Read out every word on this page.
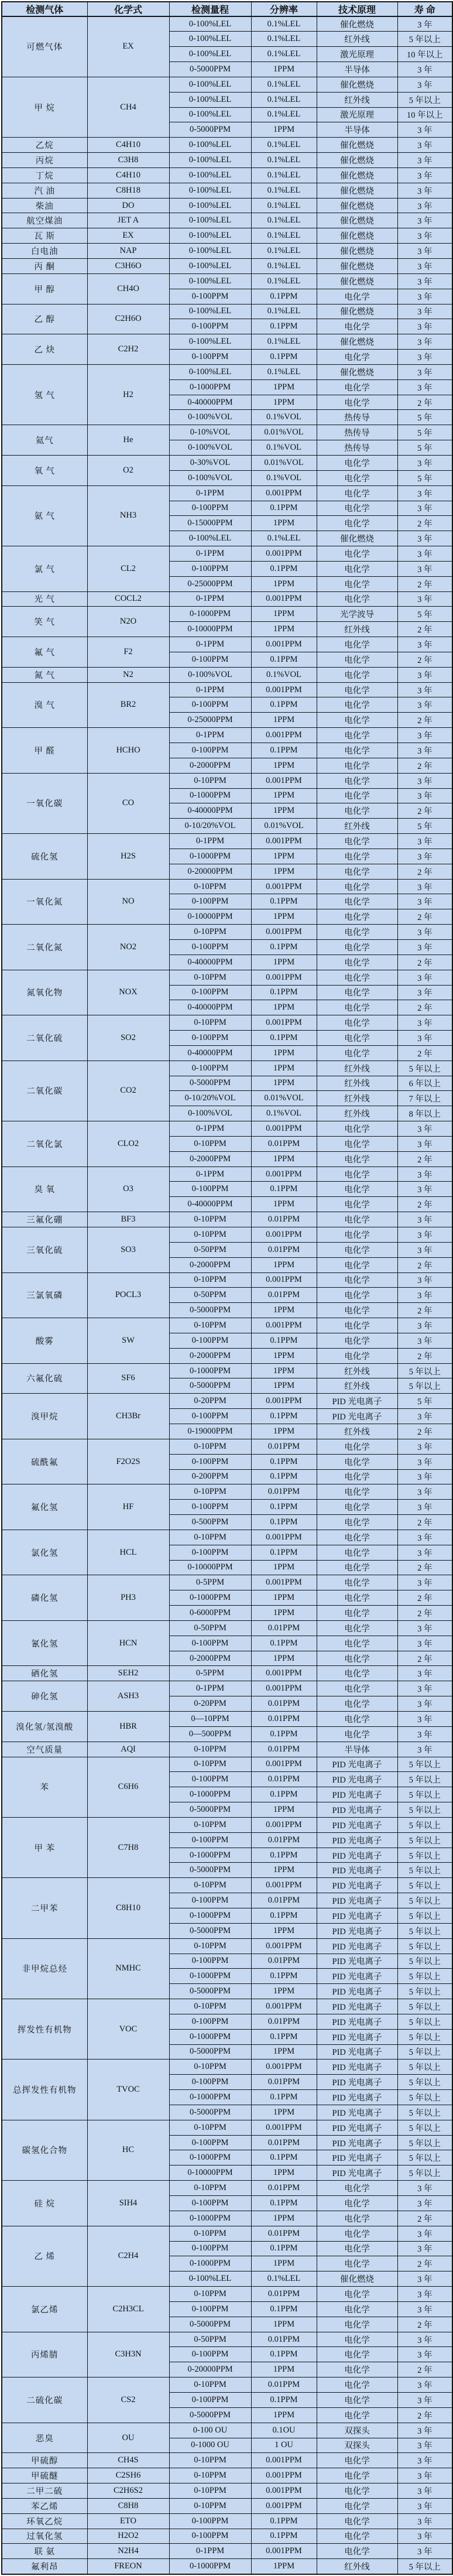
检测气体	化学式	检测量程	分辨率	技术原理	寿 命
可燃气体	EX	0-100%LEL	0.1%LEL	催化燃烧	3 年
		0-100%LEL	0.1%LEL	红外线	5 年以上
		0-100%LEL	0.1%LEL	激光原理	10 年以上
		0-5000PPM	1PPM	半导体	3 年
甲 烷	CH4	0-100%LEL	0.1%LEL	催化燃烧	3 年
		0-100%LEL	0.1%LEL	红外线	5 年以上
		0-100%LEL	0.1%LEL	激光原理	10 年以上
		0-5000PPM	1PPM	半导体	3 年
乙烷	C4H10	0-100%LEL	0.1%LEL	催化燃烧	3 年
丙烷	C3H8	0-100%LEL	0.1%LEL	催化燃烧	3 年
丁烷	C4H10	0-100%LEL	0.1%LEL	催化燃烧	3 年
汽 油	C8H18	0-100%LEL	0.1%LEL	催化燃烧	3 年
柴油	DO	0-100%LEL	0.1%LEL	催化燃烧	3 年
航空煤油	JET A	0-100%LEL	0.1%LEL	催化燃烧	3 年
瓦 斯	EX	0-100%LEL	0.1%LEL	催化燃烧	3 年
白电油	NAP	0-100%LEL	0.1%LEL	催化燃烧	3 年
丙 酮	C3H6O	0-100%LEL	0.1%LEL	催化燃烧	3 年
甲 醇	CH4O	0-100%LEL	0.1%LEL	催化燃烧	3 年
		0-100PPM	0.1PPM	电化学	3 年
乙 醇	C2H6O	0-100%LEL	0.1%LEL	催化燃烧	3 年
		0-100PPM	0.1PPM	电化学	3 年
乙 炔	C2H2	0-100%LEL	0.1%LEL	催化燃烧	3 年
		0-100PPM	0.1PPM	电化学	3 年
氢 气	H2	0-100%LEL	0.1%LEL	催化燃烧	3 年
		0-1000PPM	1PPM	电化学	3 年
		0-40000PPM	1PPM	电化学	2 年
		0-100%VOL	0.1%VOL	热传导	5 年
氦气	He	0-10%VOL	0.01%VOL	热传导	5 年
		0-100%VOL	0.1%VOL	热传导	5 年
氧 气	O2	0-30%VOL	0.01%VOL	电化学	3 年
		0-100%VOL	0.1%VOL	电化学	5 年
氨 气	NH3	0-1PPM	0.001PPM	电化学	3 年
		0-100PPM	0.1PPM	电化学	3 年
		0-15000PPM	1PPM	电化学	2 年
		0-100%LEL	0.1%LEL	催化燃烧	3 年
氯 气	CL2	0-1PPM	0.001PPM	电化学	3 年
		0-100PPM	0.1PPM	电化学	3 年
		0-25000PPM	1PPM	电化学	2 年
光 气	COCL2	0-1PPM	0.001PPM	电化学	3 年
笑 气	N2O	0-1000PPM	1PPM	光学波导	5 年
		0-10000PPM	1PPM	红外线	2 年
氟 气	F2	0-1PPM	0.001PPM	电化学	3 年
		0-100PPM	0.1PPM	电化学	2 年
氮 气	N2	0-100%VOL	0.1%VOL	电化学	3 年
溴 气	BR2	0-1PPM	0.001PPM	电化学	3 年
		0-100PPM	0.1PPM	电化学	3 年
		0-25000PPM	1PPM	电化学	2 年
甲 醛	HCHO	0-1PPM	0.001PPM	电化学	3 年
		0-100PPM	0.1PPM	电化学	3 年
		0-2000PPM	1PPM	电化学	2 年
一氧化碳	CO	0-10PPM	0.001PPM	电化学	3 年
		0-1000PPM	1PPM	电化学	3 年
		0-40000PPM	1PPM	电化学	2 年
		0-10/20%VOL	0.01%VOL	红外线	5 年
硫化氢	H2S	0-1PPM	0.001PPM	电化学	3 年
		0-1000PPM	1PPM	电化学	3 年
		0-20000PPM	1PPM	电化学	2 年
一氧化氮	NO	0-10PPM	0.001PPM	电化学	3 年
		0-100PPM	0.1PPM	电化学	3 年
		0-10000PPM	1PPM	电化学	2 年
二氧化氮	NO2	0-10PPM	0.001PPM	电化学	3 年
		0-100PPM	0.1PPM	电化学	3 年
		0-40000PPM	1PPM	电化学	2 年
氮氧化物	NOX	0-10PPM	0.001PPM	电化学	3 年
		0-100PPM	0.1PPM	电化学	3 年
		0-40000PPM	1PPM	电化学	2 年
二氧化硫	SO2	0-10PPM	0.001PPM	电化学	3 年
		0-100PPM	0.1PPM	电化学	3 年
		0-40000PPM	1PPM	电化学	2 年
二氧化碳	CO2	0-100PPM	1PPM	红外线	5 年以上
		0-5000PPM	1PPM	红外线	6 年以上
		0-10/20%VOL	0.01%VOL	红外线	7 年以上
		0-100%VOL	0.1%VOL	红外线	8 年以上
二氧化氯	CLO2	0-1PPM	0.001PPM	电化学	3 年
		0-10PPM	0.01PPM	电化学	3 年
		0-2000PPM	1PPM	电化学	2 年
臭 氧	O3	0-1PPM	0.001PPM	电化学	3 年
		0-100PPM	0.1PPM	电化学	3 年
		0-40000PPM	1PPM	电化学	2 年
三氟化硼	BF3	0-10PPM	0.01PPM	电化学	3 年
三氧化硫	SO3	0-10PPM	0.001PPM	电化学	3 年
		0-50PPM	0.01PPM	电化学	3 年
		0-2000PPM	1PPM	电化学	2 年
三氯氧磷	POCL3	0-10PPM	0.001PPM	电化学	3 年
		0-50PPM	0.01PPM	电化学	3 年
		0-5000PPM	1PPM	电化学	2 年
酸雾	SW	0-10PPM	0.001PPM	电化学	3 年
		0-100PPM	0.1PPM	电化学	3 年
		0-2000PPM	1PPM	电化学	2 年
六氟化硫	SF6	0-1000PPM	1PPM	红外线	5 年以上
		0-5000PPM	1PPM	红外线	5 年以上
溴甲烷	CH3Br	0-20PPM	0.001PPM	PID 光电离子	5 年
		0-100PPM	0.1PPM	PID 光电离子	3 年
		0-19000PPM	1PPM	红外线	2 年
硫酰氟	F2O2S	0-10PPM	0.01PPM	电化学	3 年
		0-100PPM	0.1PPM	电化学	3 年
		0-200PPM	0.1PPM	电化学	3 年
氟化氢	HF	0-10PPM	0.01PPM	电化学	3 年
		0-100PPM	0.1PPM	电化学	3 年
		0-500PPM	0.1PPM	电化学	2 年
氯化氢	HCL	0-10PPM	0.001PPM	电化学	3 年
		0-100PPM	0.1PPM	电化学	3 年
		0-10000PPM	1PPM	电化学	2 年
磷化氢	PH3	0-5PPM	0.001PPM	电化学	3 年
		0-1000PPM	1PPM	电化学	2 年
		0-6000PPM	1PPM	电化学	2 年
氰化氢	HCN	0-50PPM	0.01PPM	电化学	3 年
		0-100PPM	0.1PPM	电化学	3 年
		0-2000PPM	1PPM	电化学	2 年
硒化氢	SEH2	0-5PPM	0.001PPM	电化学	3 年
砷化氢	ASH3	0-1PPM	0.001PPM	电化学	3 年
		0-20PPM	0.01PPM	电化学	3 年
溴化氢/氢溴酸	HBR	0—10PPM	0.01PPM	电化学	3 年
		0—500PPM	0.1PPM	电化学	3 年
空气质量	AQI	0-10PPM	0.01PPM	半导体	3 年
苯	C6H6	0-10PPM	0.001PPM	PID 光电离子	5 年以上
		0-100PPM	0.01PPM	PID 光电离子	5 年以上
		0-1000PPM	0.1PPM	PID 光电离子	5 年以上
		0-5000PPM	1PPM	PID 光电离子	5 年以上
甲 苯	C7H8	0-10PPM	0.001PPM	PID 光电离子	5 年以上
		0-100PPM	0.01PPM	PID 光电离子	5 年以上
		0-1000PPM	0.1PPM	PID 光电离子	5 年以上
		0-5000PPM	1PPM	PID 光电离子	5 年以上
二甲苯	C8H10	0-10PPM	0.001PPM	PID 光电离子	5 年以上
		0-100PPM	0.01PPM	PID 光电离子	5 年以上
		0-1000PPM	0.1PPM	PID 光电离子	5 年以上
		0-5000PPM	1PPM	PID 光电离子	5 年以上
非甲烷总烃	NMHC	0-10PPM	0.001PPM	PID 光电离子	5 年以上
		0-100PPM	0.01PPM	PID 光电离子	5 年以上
		0-1000PPM	0.1PPM	PID 光电离子	5 年以上
		0-5000PPM	1PPM	PID 光电离子	5 年以上
挥发性有机物	VOC	0-10PPM	0.001PPM	PID 光电离子	5 年以上
		0-100PPM	0.01PPM	PID 光电离子	5 年以上
		0-1000PPM	0.1PPM	PID 光电离子	5 年以上
		0-5000PPM	1PPM	PID 光电离子	5 年以上
总挥发性有机物	TVOC	0-10PPM	0.001PPM	PID 光电离子	5 年以上
		0-100PPM	0.01PPM	PID 光电离子	5 年以上
		0-1000PPM	0.1PPM	PID 光电离子	5 年以上
		0-5000PPM	1PPM	PID 光电离子	5 年以上
碳氢化合物	HC	0-10PPM	0.001PPM	PID 光电离子	5 年以上
		0-100PPM	0.01PPM	PID 光电离子	5 年以上
		0-1000PPM	0.1PPM	PID 光电离子	5 年以上
		0-10000PPM	1PPM	PID 光电离子	5 年以上
硅 烷	SIH4	0-10PPM	0.01PPM	电化学	3 年
		0-100PPM	0.1PPM	电化学	3 年
		0-1000PPM	1PPM	电化学	2 年
乙 烯	C2H4	0-10PPM	0.01PPM	电化学	3 年
		0-100PPM	0.1PPM	电化学	3 年
		0-1000PPM	1PPM	电化学	2 年
		0-100%LEL	0.1%LEL	催化燃烧	3 年
氯乙烯	C2H3CL	0-10PPM	0.01PPM	电化学	3 年
		0-100PPM	0.1PPM	电化学	3 年
		0-5000PPM	1PPM	电化学	2 年
丙烯腈	C3H3N	0-50PPM	0.01PPM	电化学	3 年
		0-100PPM	0.1PPM	电化学	3 年
		0-20000PPM	1PPM	电化学	2 年
二硫化碳	CS2	0-10PPM	0.01PPM	电化学	3 年
		0-100PPM	0.1PPM	电化学	3 年
		0-5000PPM	1PPM	电化学	2 年
恶臭	OU	0-100 OU	0.1OU	双探头	3 年
		0-1000 OU	1 OU	双探头	3 年
甲硫醇	CH4S	0-10PPM	0.001PPM	电化学	3 年
甲硫醚	C2SH6	0-10PPM	0.001PPM	电化学	3 年
二甲二硫	C2H6S2	0-10PPM	0.001PPM	电化学	3 年
苯乙烯	C8H8	0-10PPM	0.001PPM	电化学	3 年
环氧乙烷	ETO	0-100PPM	0.1PPM	电化学	3 年
过氧化氢	H2O2	0-100PPM	0.1PPM	电化学	3 年
联 氨	N2H4	0-1PPM	0.001PPM	电化学	3 年
氟利昂	FREON	0-1000PPM	1PPM	红外线	5 年以上
